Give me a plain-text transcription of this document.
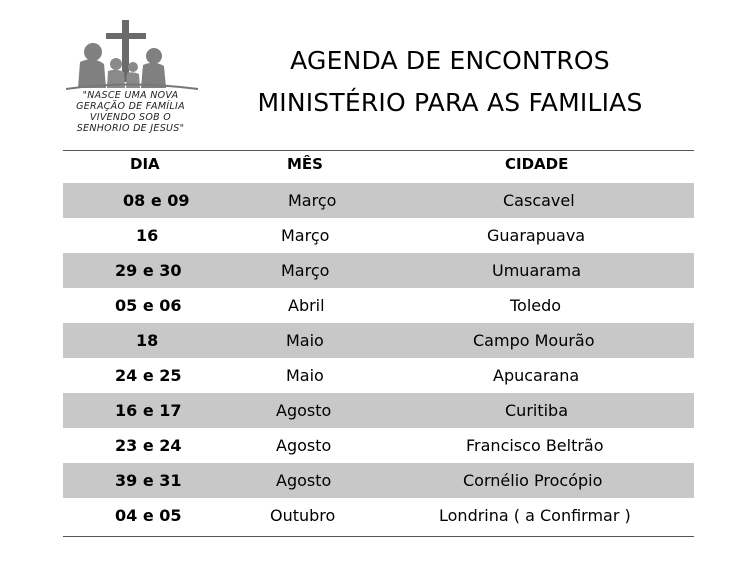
"NASCE UMA NOVA
GERAÇÃO DE FAMÍLIA
VIVENDO SOB O
SENHORIO DE JESUS"
AGENDA DE ENCONTROS
MINISTÉRIO PARA AS FAMILIAS
DIA	MÊS	CIDADE
08 e 09	Março	Cascavel
16	Março	Guarapuava
29 e 30	Março	Umuarama
05 e 06	Abril	Toledo
18	Maio	Campo Mourão
24 e 25	Maio	Apucarana
16 e 17	Agosto	Curitiba
23 e 24	Agosto	Francisco Beltrão
39 e 31	Agosto	Cornélio Procópio
04 e 05	Outubro	Londrina ( a Confirmar )
